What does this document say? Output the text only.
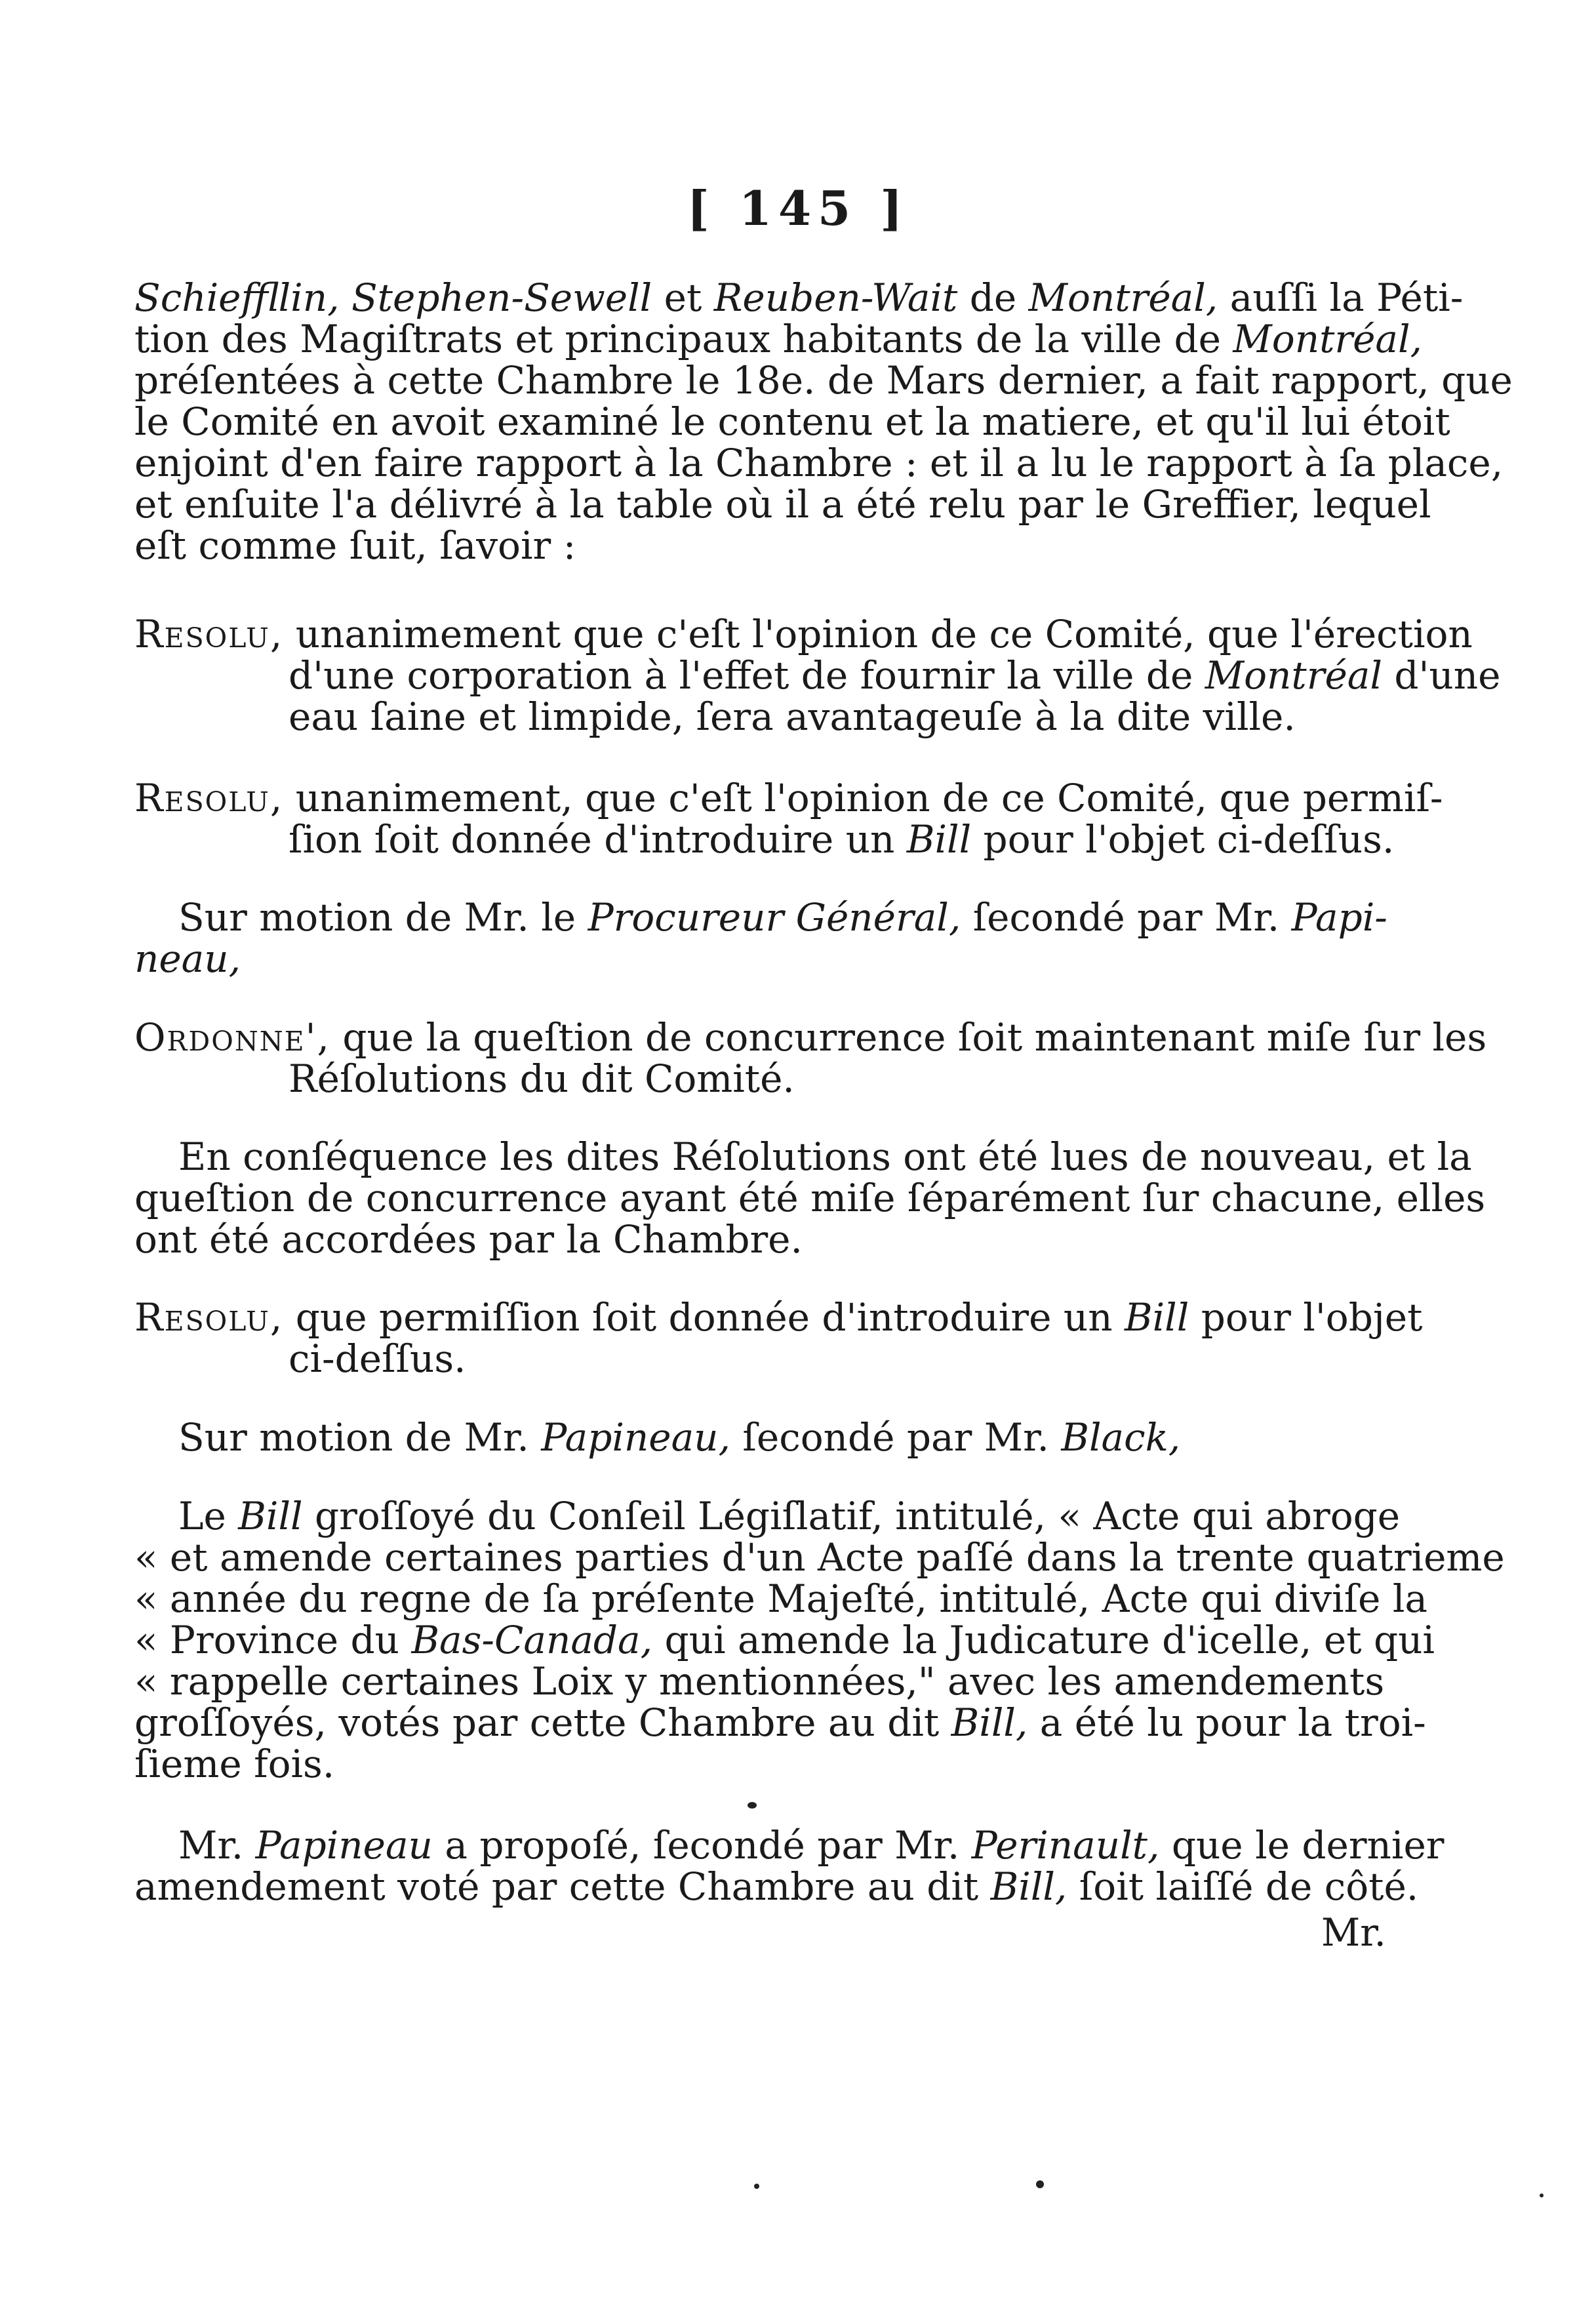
[ 145 ]
Schieffllin, Stephen-Sewell et Reuben-Wait de Montréal, auſſi la Péti-
tion des Magiſtrats et principaux habitants de la ville de Montréal,
préſentées à cette Chambre le 18e. de Mars dernier, a fait rapport, que
le Comité en avoit examiné le contenu et la matiere, et qu'il lui étoit
enjoint d'en faire rapport à la Chambre : et il a lu le rapport à ſa place,
et enſuite l'a délivré à la table où il a été relu par le Greffier, lequel
eſt comme ſuit, ſavoir :
Resolu, unanimement que c'eſt l'opinion de ce Comité, que l'érection
d'une corporation à l'effet de fournir la ville de Montréal d'une
eau ſaine et limpide, ſera avantageuſe à la dite ville.
Resolu, unanimement, que c'eſt l'opinion de ce Comité, que permiſ-
ſion ſoit donnée d'introduire un Bill pour l'objet ci-deſſus.
Sur motion de Mr. le Procureur Général, ſecondé par Mr. Papi-
neau,
Ordonne', que la queſtion de concurrence ſoit maintenant miſe ſur les
Réſolutions du dit Comité.
En conſéquence les dites Réſolutions ont été lues de nouveau, et la
queſtion de concurrence ayant été miſe ſéparément ſur chacune, elles
ont été accordées par la Chambre.
Resolu, que permiſſion ſoit donnée d'introduire un Bill pour l'objet
ci-deſſus.
Sur motion de Mr. Papineau, ſecondé par Mr. Black,
Le Bill groſſoyé du Conſeil Légiſlatif, intitulé, « Acte qui abroge
« et amende certaines parties d'un Acte paſſé dans la trente quatrieme
« année du regne de ſa préſente Majeſté, intitulé, Acte qui diviſe la
« Province du Bas-Canada, qui amende la Judicature d'icelle, et qui
« rappelle certaines Loix y mentionnées," avec les amendements
groſſoyés, votés par cette Chambre au dit Bill, a été lu pour la troi-
ſieme fois.
Mr. Papineau a propoſé, ſecondé par Mr. Perinault, que le dernier
amendement voté par cette Chambre au dit Bill, ſoit laiſſé de côté.
Mr.
